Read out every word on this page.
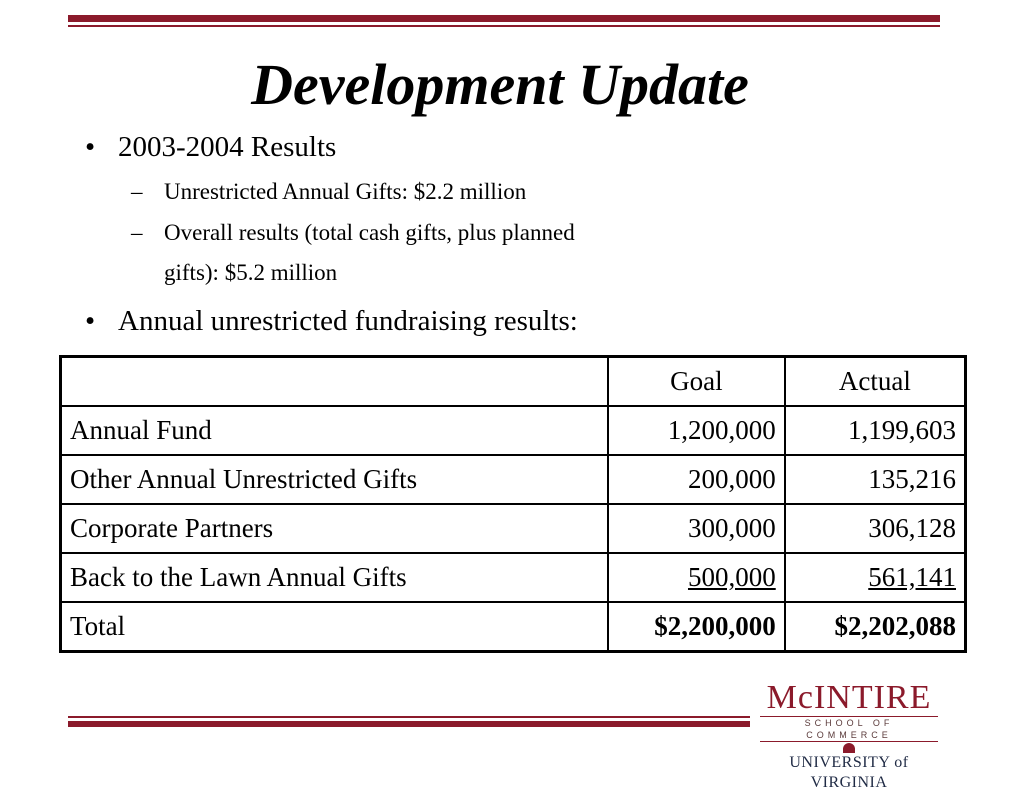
Development Update
• 2003-2004 Results
– Unrestricted Annual Gifts: $2.2 million
– Overall results (total cash gifts, plus planned
gifts): $5.2 million
• Annual unrestricted fundraising results:
	Goal	Actual
Annual Fund	1,200,000	1,199,603
Other Annual Unrestricted Gifts	200,000	135,216
Corporate Partners	300,000	306,128
Back to the Lawn Annual Gifts	500,000	561,141
Total	$2,200,000	$2,202,088
McINTIRE
SCHOOL OF COMMERCE
UNIVERSITY of VIRGINIA
